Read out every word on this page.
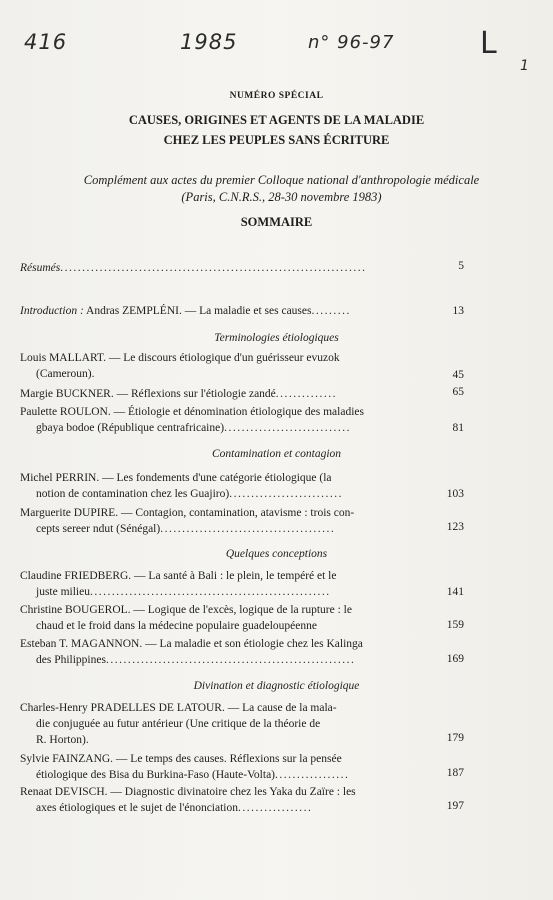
416	1985	n° 96-97	L
1
NUMÉRO SPÉCIAL
CAUSES, ORIGINES ET AGENTS DE LA MALADIE
CHEZ LES PEUPLES SANS ÉCRITURE
Complément aux actes du premier Colloque national d'anthropologie médicale
(Paris, C.N.R.S., 28-30 novembre 1983)
SOMMAIRE
Résumés......................................................................	5
Introduction : Andras ZEMPLÉNI. — La maladie et ses causes.........	13
Terminologies étiologiques
Louis MALLART. — Le discours étiologique d'un guérisseur evuzok
(Cameroun).	45
Margie BUCKNER. — Réflexions sur l'étiologie zandé..............	65
Paulette ROULON. — Étiologie et dénomination étiologique des maladies
gbaya bodoe (République centrafricaine).............................	81
Contamination et contagion
Michel PERRIN. — Les fondements d'une catégorie étiologique (la
notion de contamination chez les Guajiro)..........................	103
Marguerite DUPIRE. — Contagion, contamination, atavisme : trois con-
cepts sereer ndut (Sénégal)........................................	123
Quelques conceptions
Claudine FRIEDBERG. — La santé à Bali : le plein, le tempéré et le
juste milieu.......................................................	141
Christine BOUGEROL. — Logique de l'excès, logique de la rupture : le
chaud et le froid dans la médecine populaire guadeloupéenne	159
Esteban T. MAGANNON. — La maladie et son étiologie chez les Kalinga
des Philippines.........................................................	169
Divination et diagnostic étiologique
Charles-Henry PRADELLES DE LATOUR. — La cause de la mala-
die conjuguée au futur antérieur (Une critique de la théorie de
R. Horton).	179
Sylvie FAINZANG. — Le temps des causes. Réflexions sur la pensée
étiologique des Bisa du Burkina-Faso (Haute-Volta).................	187
Renaat DEVISCH. — Diagnostic divinatoire chez les Yaka du Zaïre : les
axes étiologiques et le sujet de l'énonciation.................	197
